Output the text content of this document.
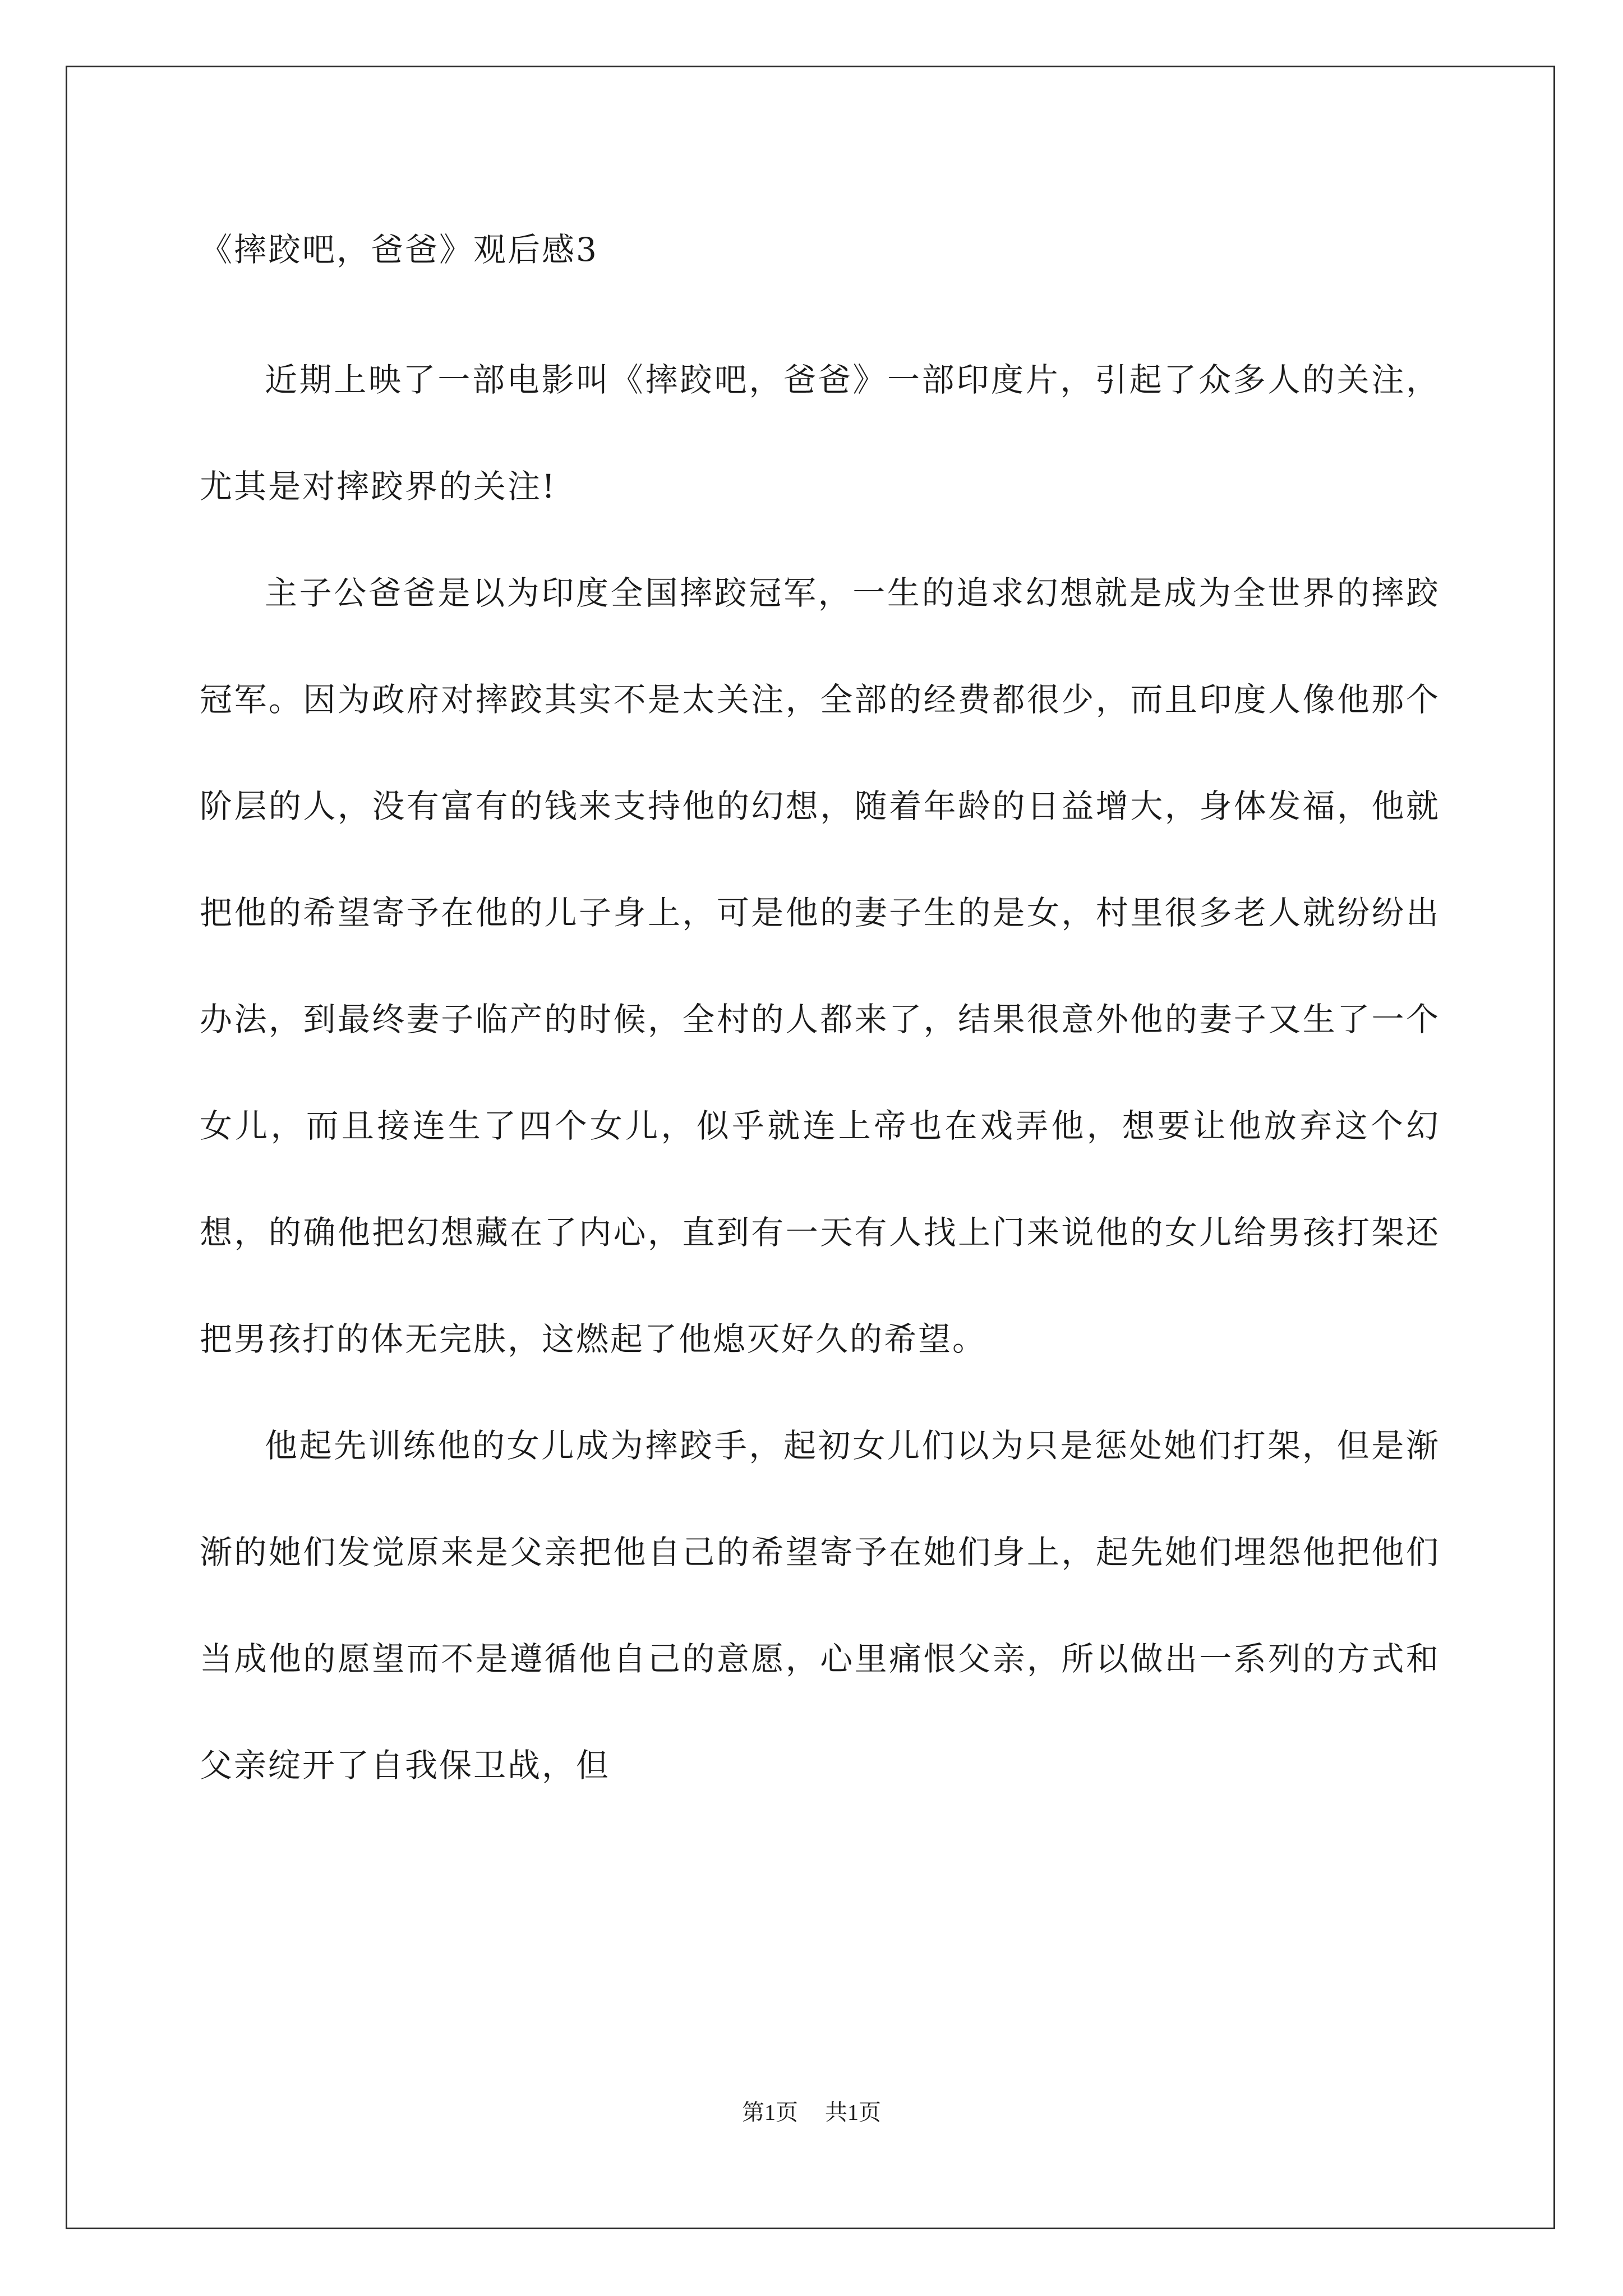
《摔跤吧，爸爸》观后感3

近期上映了一部电影叫《摔跤吧，爸爸》一部印度片，引起了众多人的关注，尤其是对摔跤界的关注!

主子公爸爸是以为印度全国摔跤冠军，一生的追求幻想就是成为全世界的摔跤冠军。因为政府对摔跤其实不是太关注，全部的经费都很少，而且印度人像他那个阶层的人，没有富有的钱来支持他的幻想，随着年龄的日益增大，身体发福，他就把他的希望寄予在他的儿子身上，可是他的妻子生的是女，村里很多老人就纷纷出办法，到最终妻子临产的时候，全村的人都来了，结果很意外他的妻子又生了一个女儿，而且接连生了四个女儿，似乎就连上帝也在戏弄他，想要让他放弃这个幻想，的确他把幻想藏在了内心，直到有一天有人找上门来说他的女儿给男孩打架还把男孩打的体无完肤，这燃起了他熄灭好久的希望。

他起先训练他的女儿成为摔跤手，起初女儿们以为只是惩处她们打架，但是渐渐的她们发觉原来是父亲把他自己的希望寄予在她们身上，起先她们埋怨他把他们当成他的愿望而不是遵循他自己的意愿，心里痛恨父亲，所以做出一系列的方式和父亲绽开了自我保卫战，但

第1页 共1页
